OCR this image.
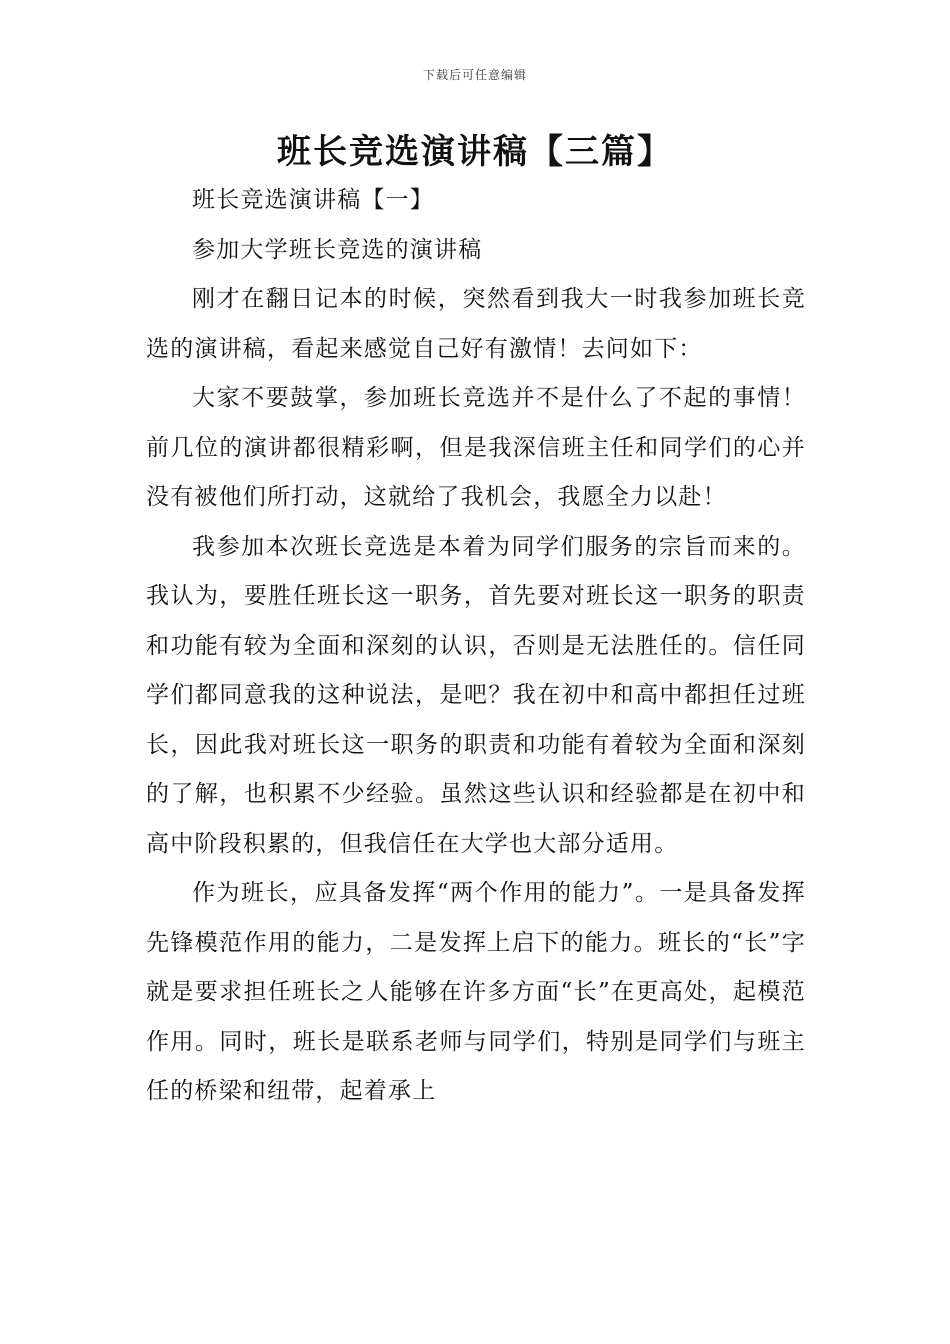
下载后可任意编辑
班长竞选演讲稿【三篇】

班长竞选演讲稿【一】

参加大学班长竞选的演讲稿

刚才在翻日记本的时候，突然看到我大一时我参加班长竞选的演讲稿，看起来感觉自己好有激情！去问如下：

大家不要鼓掌，参加班长竞选并不是什么了不起的事情！前几位的演讲都很精彩啊，但是我深信班主任和同学们的心并没有被他们所打动，这就给了我机会，我愿全力以赴！

我参加本次班长竞选是本着为同学们服务的宗旨而来的。我认为，要胜任班长这一职务，首先要对班长这一职务的职责和功能有较为全面和深刻的认识，否则是无法胜任的。信任同学们都同意我的这种说法，是吧？我在初中和高中都担任过班长，因此我对班长这一职务的职责和功能有着较为全面和深刻的了解，也积累不少经验。虽然这些认识和经验都是在初中和高中阶段积累的，但我信任在大学也大部分适用。

作为班长，应具备发挥“两个作用的能力”。一是具备发挥先锋模范作用的能力，二是发挥上启下的能力。班长的“长”字就是要求担任班长之人能够在许多方面“长”在更高处，起模范作用。同时，班长是联系老师与同学们，特别是同学们与班主任的桥梁和纽带，起着承上
